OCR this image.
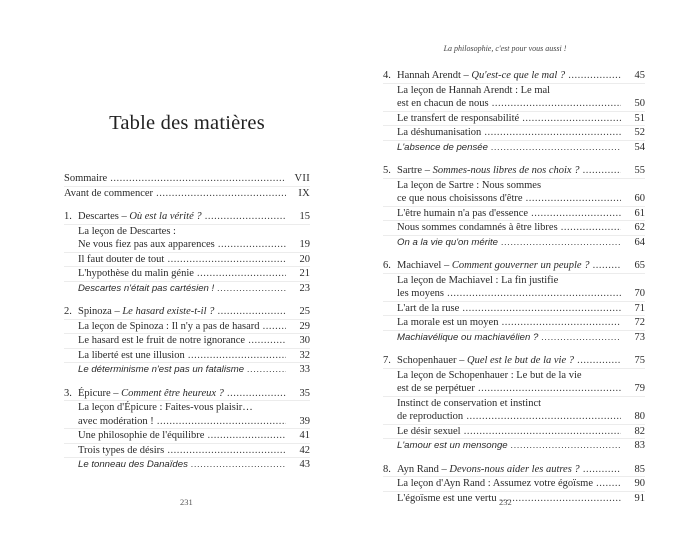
Table des matières
Sommaire .....	VII
Avant de commencer .....	IX
1. Descartes – Où est la vérité ? .....	15
La leçon de Descartes :
Ne vous fiez pas aux apparences .....	19
Il faut douter de tout .....	20
L'hypothèse du malin génie .....	21
Descartes n'était pas cartésien ! .....	23
2. Spinoza – Le hasard existe-t-il ? .....	25
La leçon de Spinoza : Il n'y a pas de hasard .....	29
Le hasard est le fruit de notre ignorance .....	30
La liberté est une illusion .....	32
Le déterminisme n'est pas un fatalisme .....	33
3. Épicure – Comment être heureux ? .....	35
La leçon d'Épicure : Faites-vous plaisir…
avec modération ! .....	39
Une philosophie de l'équilibre .....	41
Trois types de désirs .....	42
Le tonneau des Danaïdes .....	43
231
La philosophie, c'est pour vous aussi !
4. Hannah Arendt – Qu'est-ce que le mal ? .....	45
La leçon de Hannah Arendt : Le mal
est en chacun de nous .....	50
Le transfert de responsabilité .....	51
La déshumanisation .....	52
L'absence de pensée .....	54
5. Sartre – Sommes-nous libres de nos choix ? .....	55
La leçon de Sartre : Nous sommes
ce que nous choisissons d'être .....	60
L'être humain n'a pas d'essence .....	61
Nous sommes condamnés à être libres .....	62
On a la vie qu'on mérite .....	64
6. Machiavel – Comment gouverner un peuple ? .....	65
La leçon de Machiavel : La fin justifie
les moyens .....	70
L'art de la ruse .....	71
La morale est un moyen .....	72
Machiavélique ou machiavélien ? .....	73
7. Schopenhauer – Quel est le but de la vie ? .....	75
La leçon de Schopenhauer : Le but de la vie
est de se perpétuer .....	79
Instinct de conservation et instinct
de reproduction .....	80
Le désir sexuel .....	82
L'amour est un mensonge .....	83
8. Ayn Rand – Devons-nous aider les autres ? .....	85
La leçon d'Ayn Rand : Assumez votre égoïsme .....	90
L'égoïsme est une vertu .....	91
232
